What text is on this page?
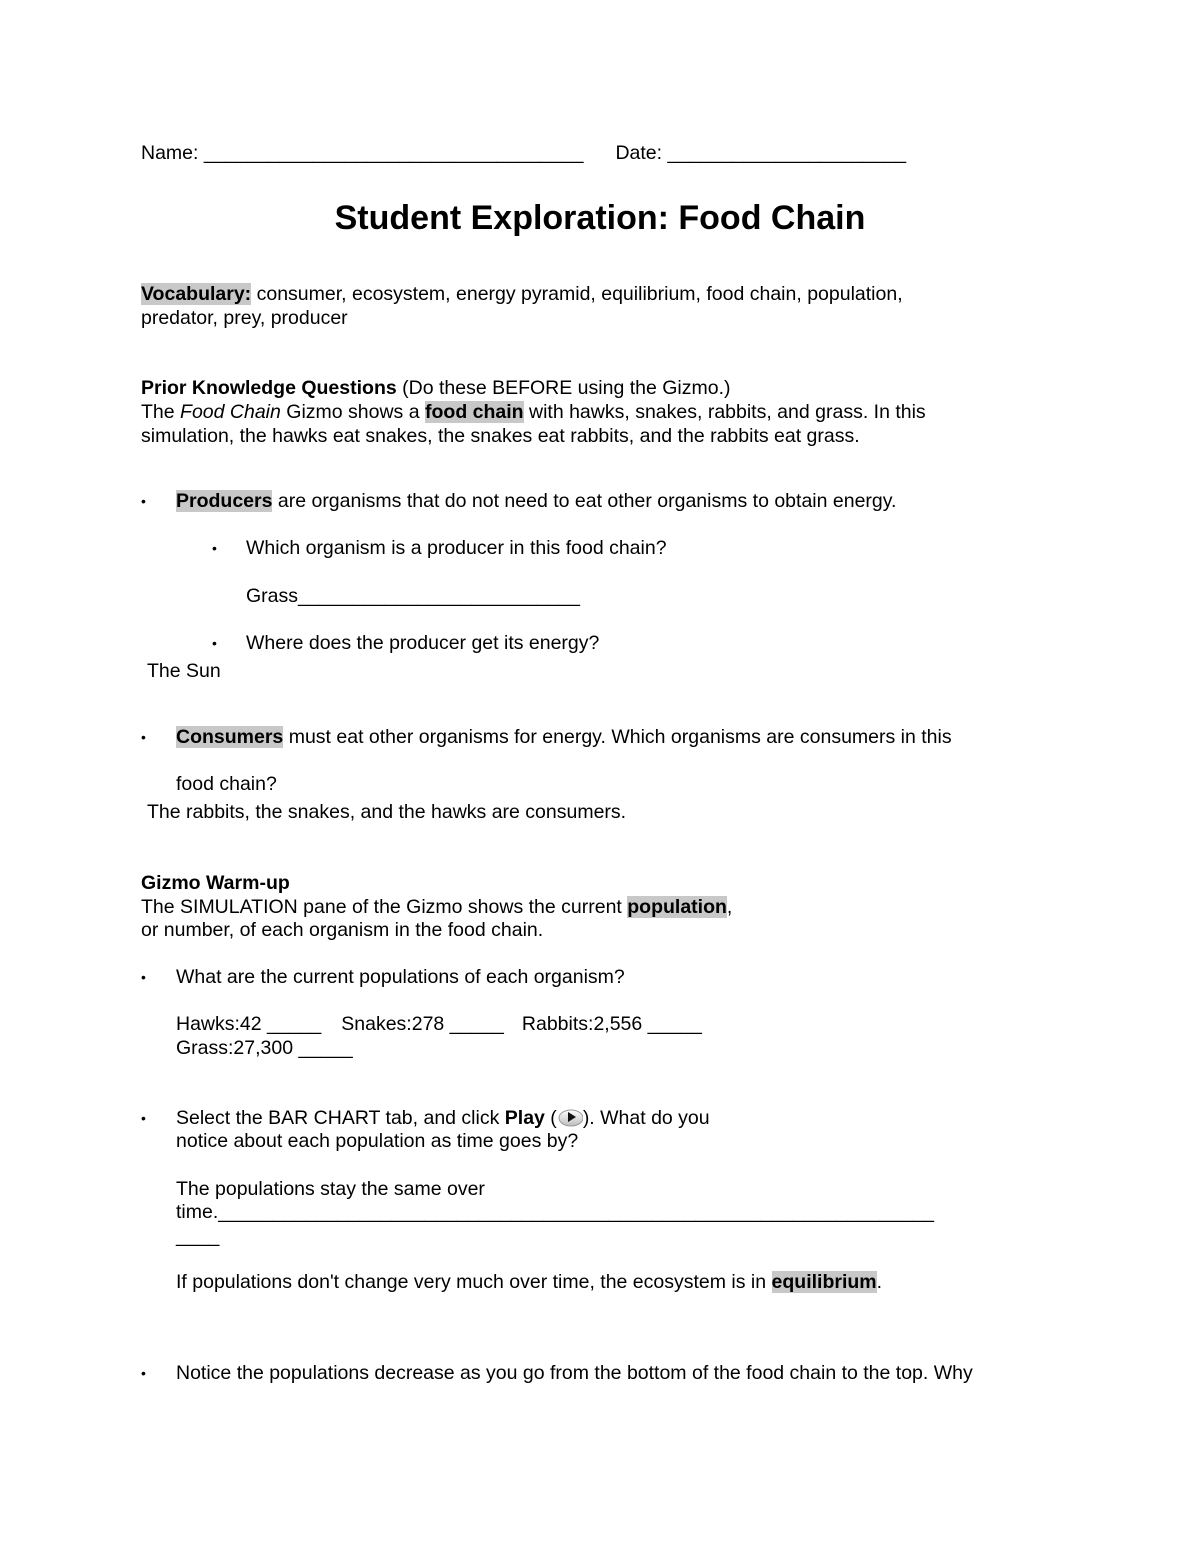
Name: ___________________________________ Date: ______________________
Student Exploration: Food Chain
Vocabulary: consumer, ecosystem, energy pyramid, equilibrium, food chain, population,
predator, prey, producer
Prior Knowledge Questions (Do these BEFORE using the Gizmo.)
The Food Chain Gizmo shows a food chain with hawks, snakes, rabbits, and grass. In this
simulation, the hawks eat snakes, the snakes eat rabbits, and the rabbits eat grass.
• Producers are organisms that do not need to eat other organisms to obtain energy.
• Which organism is a producer in this food chain?
Grass__________________________
• Where does the producer get its energy?
The Sun
• Consumers must eat other organisms for energy. Which organisms are consumers in this
food chain?
The rabbits, the snakes, and the hawks are consumers.
Gizmo Warm-up
The SIMULATION pane of the Gizmo shows the current population,
or number, of each organism in the food chain.
• What are the current populations of each organism?
Hawks:42 _____ Snakes:278 _____ Rabbits:2,556 _____
Grass:27,300 _____
• Select the BAR CHART tab, and click Play ( ). What do you
notice about each population as time goes by?
The populations stay the same over
time.__________________________________________________________________
____
If populations don't change very much over time, the ecosystem is in equilibrium.
• Notice the populations decrease as you go from the bottom of the food chain to the top. Why
